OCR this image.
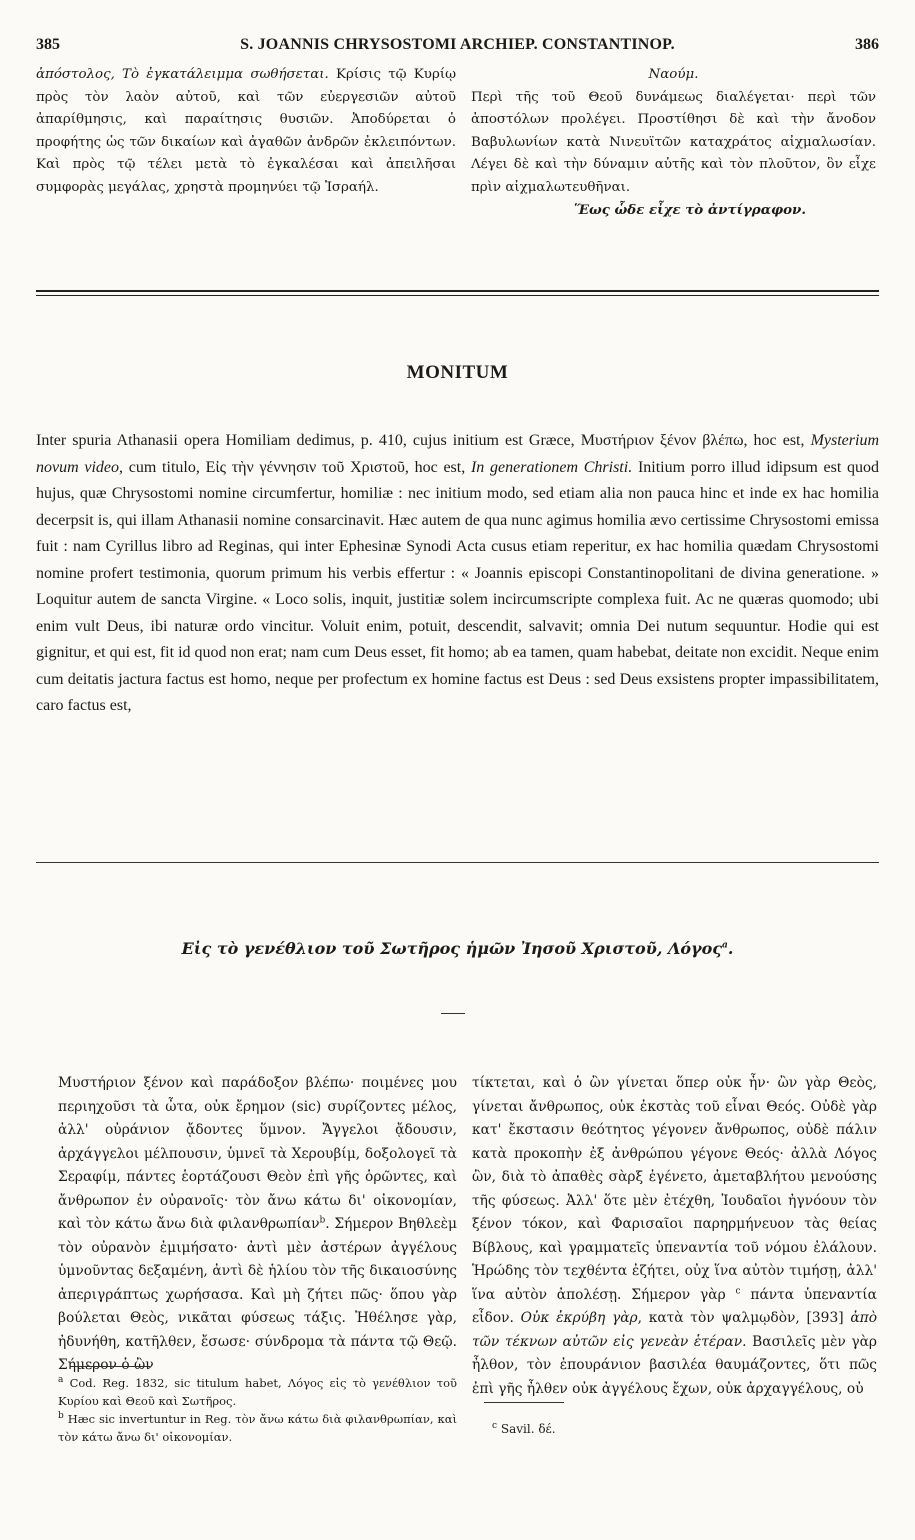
385	S. JOANNIS CHRYSOSTOMI ARCHIEP. CONSTANTINOP.	386
ἀπόστολος, Τὸ ἐγκατάλειμμα σωθήσεται. Κρίσις τῷ Κυρίῳ πρὸς τὸν λαὸν αὐτοῦ, καὶ τῶν εὐεργεσιῶν αὐτοῦ ἀπαρίθμησις, καὶ παραίτησις θυσιῶν. Ἀποδύρεται ὁ προφήτης ὡς τῶν δικαίων καὶ ἀγαθῶν ἀνδρῶν ἐκλειπόντων. Καὶ πρὸς τῷ τέλει μετὰ τὸ ἐγκαλέσαι καὶ ἀπειλῆσαι συμφορὰς μεγάλας, χρηστὰ προμηνύει τῷ Ἰσραήλ.
Ναούμ.
Περὶ τῆς τοῦ Θεοῦ δυνάμεως διαλέγεται· περὶ τῶν ἀποστόλων προλέγει. Προστίθησι δὲ καὶ τὴν ἄνοδον Βαβυλωνίων κατὰ Νινευϊτῶν καταχράτος αἰχμαλωσίαν. Λέγει δὲ καὶ τὴν δύναμιν αὐτῆς καὶ τὸν πλοῦτον, ὃν εἶχε πρὶν αἰχμαλωτευθῆναι.
Ἕως ὧδε εἶχε τὸ ἀντίγραφον.
MONITUM
Inter spuria Athanasii opera Homiliam dedimus, p. 410, cujus initium est Græce, Μυστήριον ξένον βλέπω, hoc est, Mysterium novum video, cum titulo, Εἰς τὴν γέννησιν τοῦ Χριστοῦ, hoc est, In generationem Christi. Initium porro illud idipsum est quod hujus, quæ Chrysostomi nomine circumfertur, homiliæ : nec initium modo, sed etiam alia non pauca hinc et inde ex hac homilia decerpsit is, qui illam Athanasii nomine consarcinavit. Hæc autem de qua nunc agimus homilia ævo certissime Chrysostomi emissa fuit : nam Cyrillus libro ad Reginas, qui inter Ephesinæ Synodi Acta cusus etiam reperitur, ex hac homilia quædam Chrysostomi nomine profert testimonia, quorum primum his verbis effertur : « Joannis episcopi Constantinopolitani de divina generatione. » Loquitur autem de sancta Virgine. « Loco solis, inquit, justitiæ solem incircumscripte complexa fuit. Ac ne quæras quomodo; ubi enim vult Deus, ibi naturæ ordo vincitur. Voluit enim, potuit, descendit, salvavit; omnia Dei nutum sequuntur. Hodie qui est gignitur, et qui est, fit id quod non erat; nam cum Deus esset, fit homo; ab ea tamen, quam habebat, deitate non excidit. Neque enim cum deitatis jactura factus est homo, neque per profectum ex homine factus est Deus : sed Deus exsistens propter impassibilitatem, caro factus est,
Εἰς τὸ γενέθλιον τοῦ Σωτῆρος ἡμῶν Ἰησοῦ Χριστοῦ, Λόγος$^a$.
Μυστήριον ξένον καὶ παράδοξον βλέπω· ποιμένες μου περιηχοῦσι τὰ ὦτα, οὐκ ἔρημον (sic) συρίζοντες μέλος, ἀλλ' οὐράνιον ᾄδοντες ὕμνον. Ἄγγελοι ᾄδουσιν, ἀρχάγγελοι μέλπουσιν, ὑμνεῖ τὰ Χερουβίμ, δοξολογεῖ τὰ Σεραφίμ, πάντες ἑορτάζουσι Θεὸν ἐπὶ γῆς ὁρῶντες, καὶ ἄνθρωπον ἐν οὐρανοῖς· τὸν ἄνω κάτω δι' οἰκονομίαν, καὶ τὸν κάτω ἄνω διὰ φιλανθρωπίαν$^b$. Σήμερον Βηθλεὲμ τὸν οὐρανὸν ἐμιμήσατο· ἀντὶ μὲν ἀστέρων ἀγγέλους ὑμνοῦντας δεξαμένη, ἀντὶ δὲ ἡλίου τὸν τῆς δικαιοσύνης ἀπεριγράπτως χωρήσασα. Καὶ μὴ ζήτει πῶς· ὅπου γὰρ βούλεται Θεὸς, νικᾶται φύσεως τάξις. Ἠθέλησε γὰρ, ἠδυνήθη, κατῆλθεν, ἔσωσε· σύνδρομα τὰ πάντα τῷ Θεῷ. Σήμερον ὁ ὢν
τίκτεται, καὶ ὁ ὢν γίνεται ὅπερ οὐκ ἦν· ὢν γὰρ Θεὸς, γίνεται ἄνθρωπος, οὐκ ἐκστὰς τοῦ εἶναι Θεός. Οὐδὲ γὰρ κατ' ἔκστασιν θεότητος γέγονεν ἄνθρωπος, οὐδὲ πάλιν κατὰ προκοπὴν ἐξ ἀνθρώπου γέγονε Θεός· ἀλλὰ Λόγος ὢν, διὰ τὸ ἀπαθὲς σὰρξ ἐγένετο, ἀμεταβλήτου μενούσης τῆς φύσεως. Ἀλλ' ὅτε μὲν ἐτέχθη, Ἰουδαῖοι ἠγνόουν τὸν ξένον τόκον, καὶ Φαρισαῖοι παρηρμήνευον τὰς θείας Βίβλους, καὶ γραμματεῖς ὑπεναντία τοῦ νόμου ἐλάλουν. Ἡρώδης τὸν τεχθέντα ἐζήτει, οὐχ ἵνα αὐτὸν τιμήσῃ, ἀλλ' ἵνα αὐτὸν ἀπολέσῃ. Σήμερον γὰρ $^c$ πάντα ὑπεναντία εἶδον. Οὐκ ἐκρύβη γὰρ, κατὰ τὸν ψαλμῳδὸν, [393] ἀπὸ τῶν τέκνων αὐτῶν εἰς γενεὰν ἑτέραν. Βασιλεῖς μὲν γὰρ ἦλθον, τὸν ἐπουράνιον βασιλέα θαυμάζοντες, ὅτι πῶς ἐπὶ γῆς ἦλθεν οὐκ ἀγγέλους ἔχων, οὐκ ἀρχαγγέλους, οὐ
$^a$ Cod. Reg. 1832, sic titulum habet, Λόγος εἰς τὸ γενέθλιον τοῦ Κυρίου καὶ Θεοῦ καὶ Σωτῆρος.
$^b$ Hæc sic invertuntur in Reg. τὸν ἄνω κάτω διὰ φιλανθρωπίαν, καὶ τὸν κάτω ἄνω δι' οἰκονομίαν.
$^c$ Savil. δέ.
